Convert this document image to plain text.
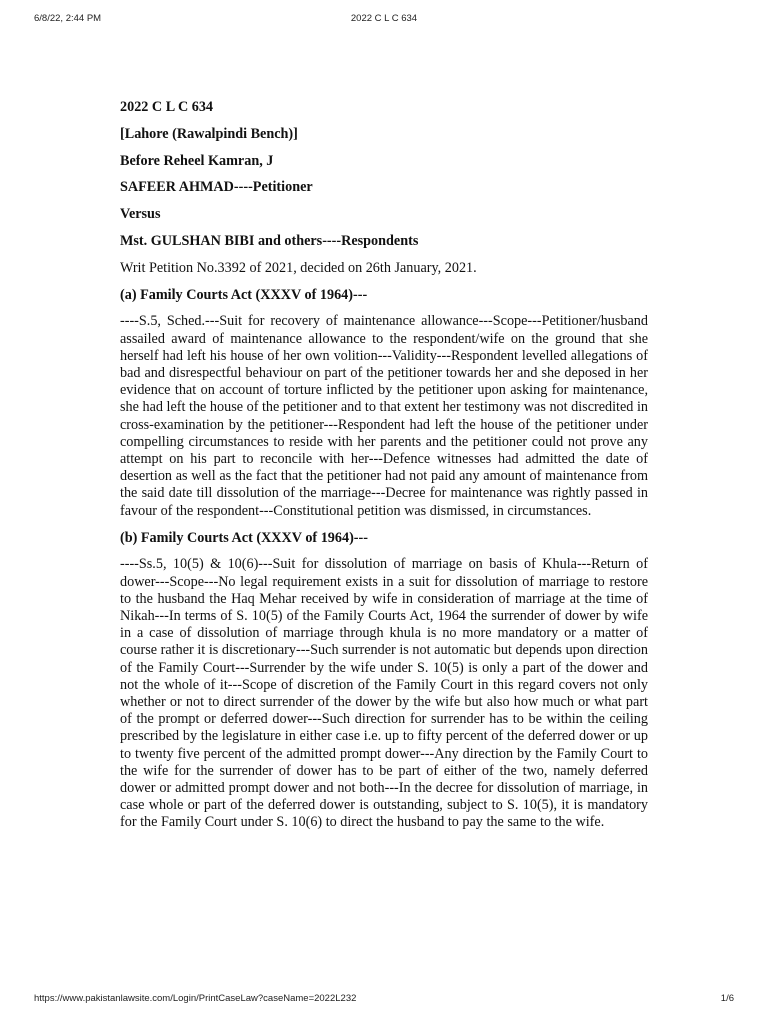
6/8/22, 2:44 PM	2022 C L C 634

2022 C L C 634

[Lahore (Rawalpindi Bench)]

Before Reheel Kamran, J

SAFEER AHMAD----Petitioner

Versus

Mst. GULSHAN BIBI and others----Respondents

Writ Petition No.3392 of 2021, decided on 26th January, 2021.

(a) Family Courts Act (XXXV of 1964)---

----S.5, Sched.---Suit for recovery of maintenance allowance---Scope---Petitioner/husband assailed award of maintenance allowance to the respondent/wife on the ground that she herself had left his house of her own volition---Validity---Respondent levelled allegations of bad and disrespectful behaviour on part of the petitioner towards her and she deposed in her evidence that on account of torture inflicted by the petitioner upon asking for maintenance, she had left the house of the petitioner and to that extent her testimony was not discredited in cross-examination by the petitioner---Respondent had left the house of the petitioner under compelling circumstances to reside with her parents and the petitioner could not prove any attempt on his part to reconcile with her---Defence witnesses had admitted the date of desertion as well as the fact that the petitioner had not paid any amount of maintenance from the said date till dissolution of the marriage---Decree for maintenance was rightly passed in favour of the respondent---Constitutional petition was dismissed, in circumstances.

(b) Family Courts Act (XXXV of 1964)---

----Ss.5, 10(5) & 10(6)---Suit for dissolution of marriage on basis of Khula---Return of dower---Scope---No legal requirement exists in a suit for dissolution of marriage to restore to the husband the Haq Mehar received by wife in consideration of marriage at the time of Nikah---In terms of S. 10(5) of the Family Courts Act, 1964 the surrender of dower by wife in a case of dissolution of marriage through khula is no more mandatory or a matter of course rather it is discretionary---Such surrender is not automatic but depends upon direction of the Family Court---Surrender by the wife under S. 10(5) is only a part of the dower and not the whole of it---Scope of discretion of the Family Court in this regard covers not only whether or not to direct surrender of the dower by the wife but also how much or what part of the prompt or deferred dower---Such direction for surrender has to be within the ceiling prescribed by the legislature in either case i.e. up to fifty percent of the deferred dower or up to twenty five percent of the admitted prompt dower---Any direction by the Family Court to the wife for the surrender of dower has to be part of either of the two, namely deferred dower or admitted prompt dower and not both---In the decree for dissolution of marriage, in case whole or part of the deferred dower is outstanding, subject to S. 10(5), it is mandatory for the Family Court under S. 10(6) to direct the husband to pay the same to the wife.

https://www.pakistanlawsite.com/Login/PrintCaseLaw?caseName=2022L232	1/6
